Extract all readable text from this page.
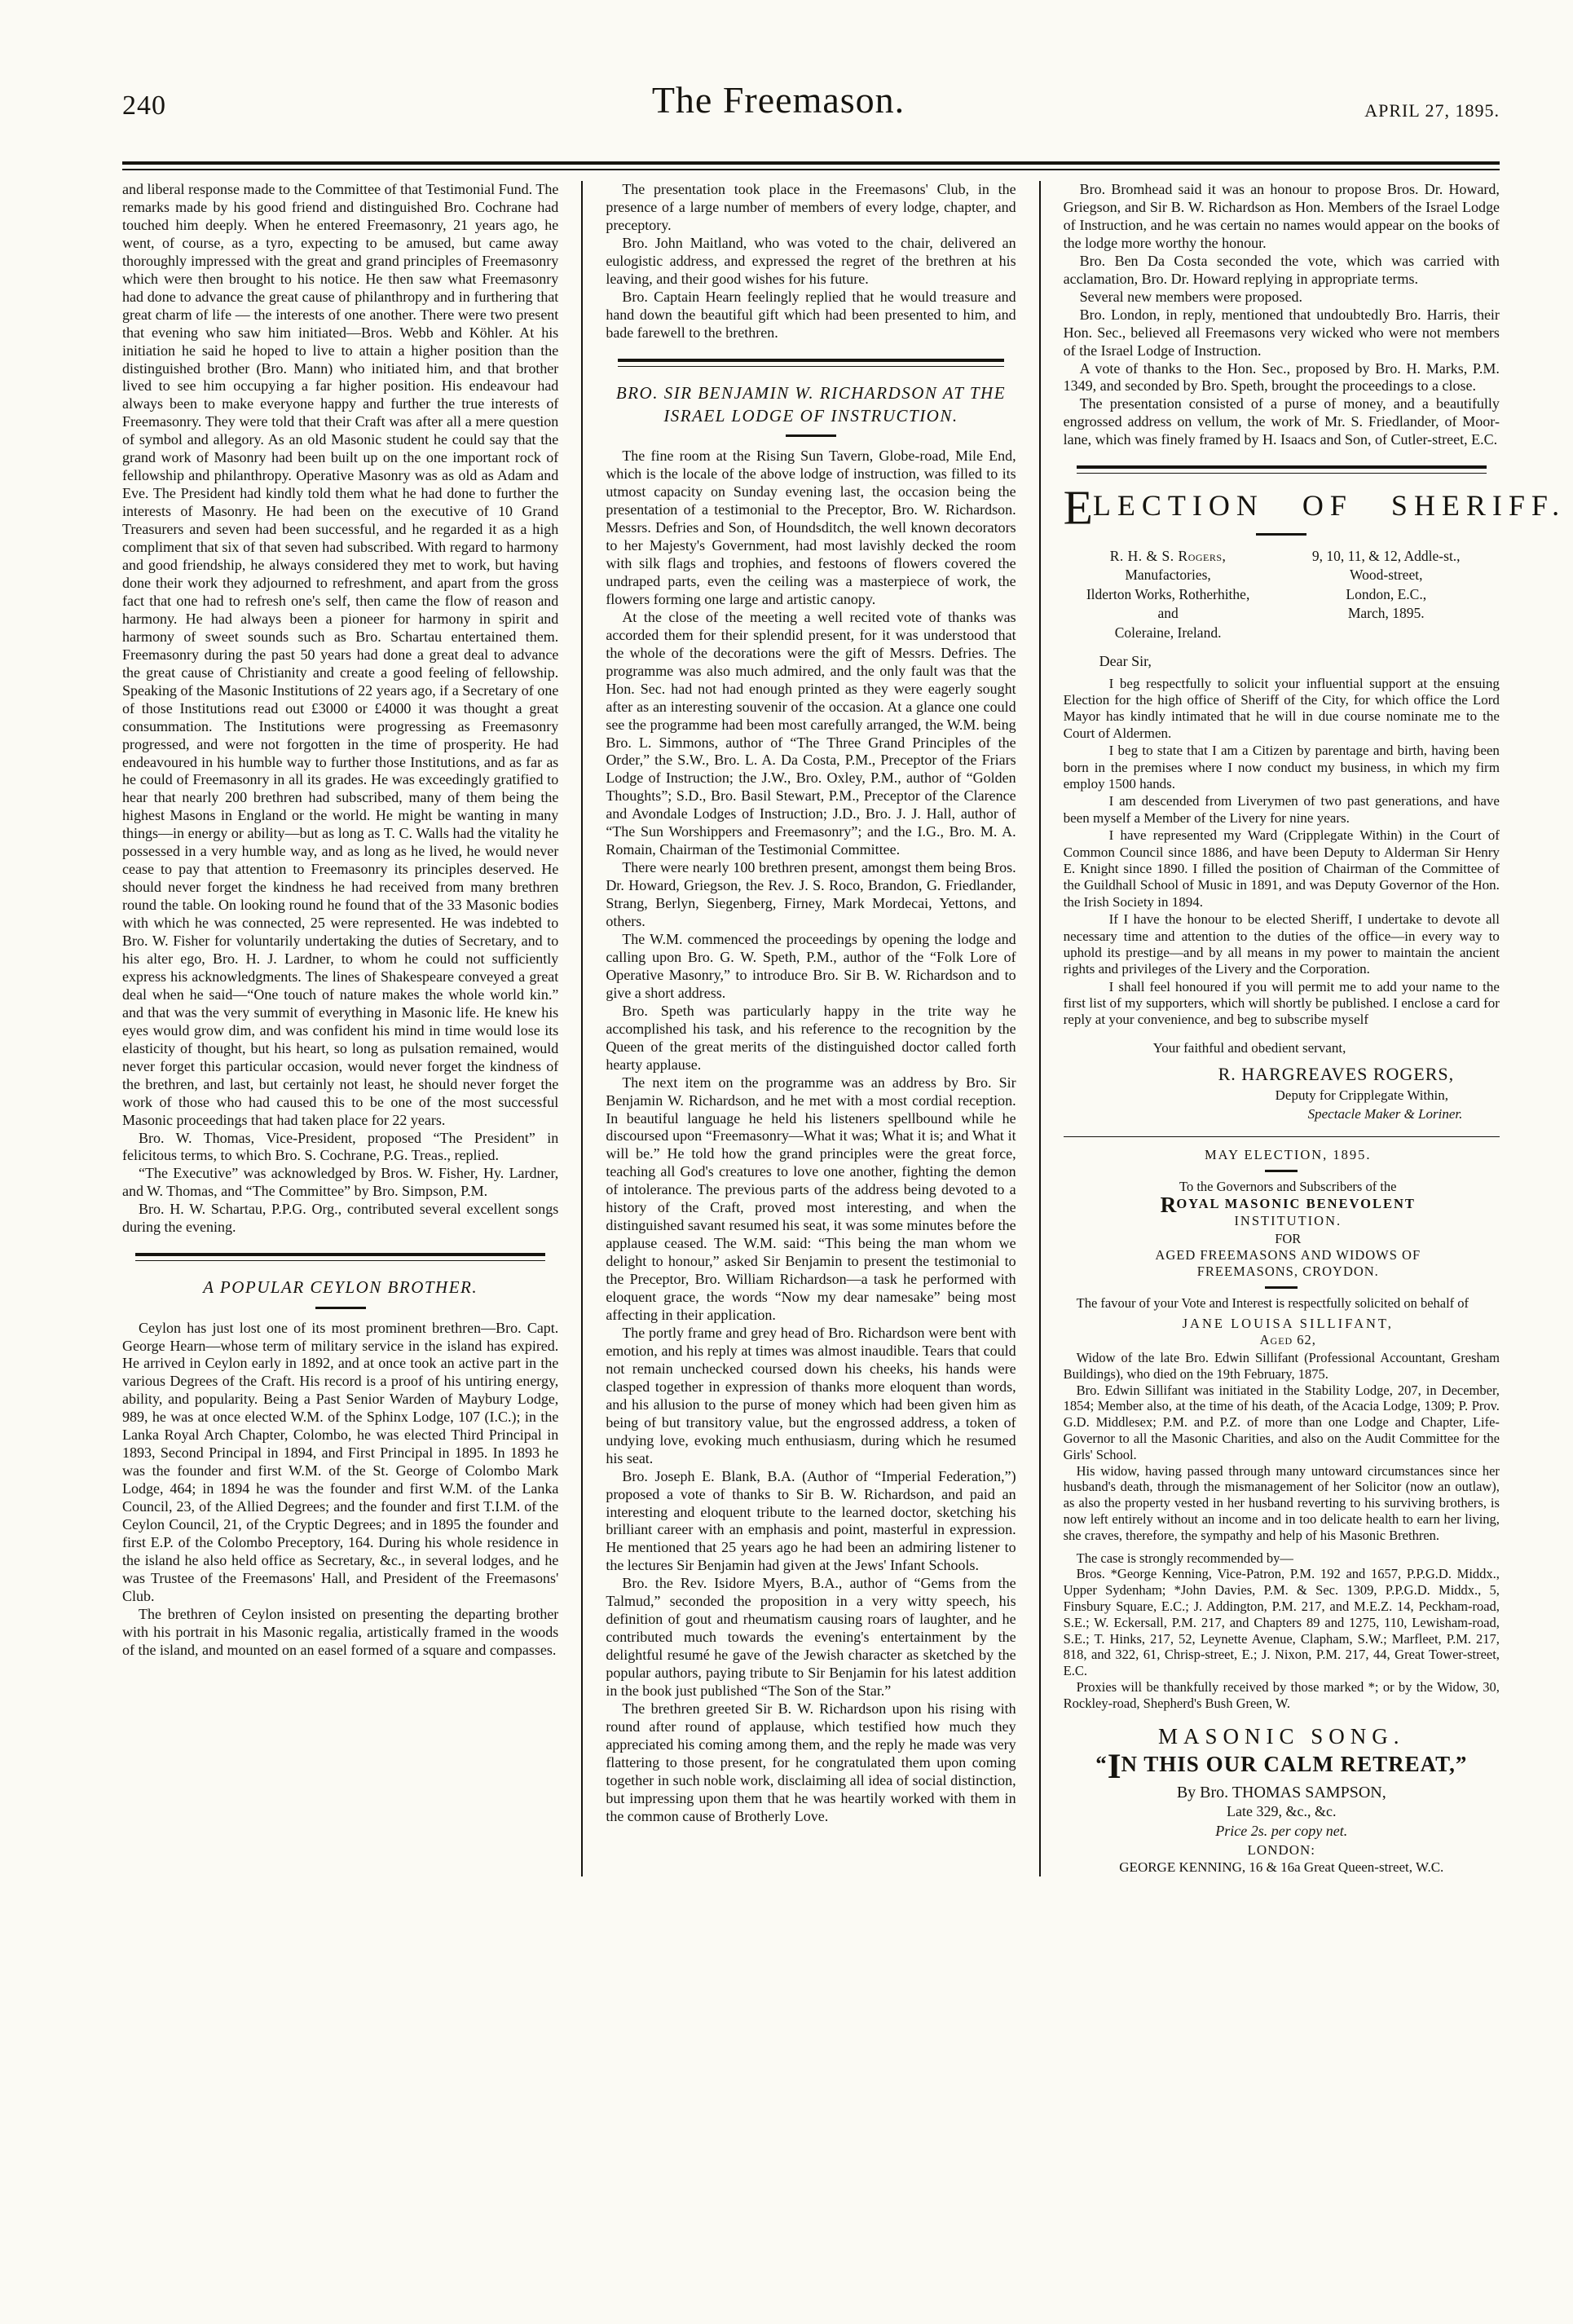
240	The Freemason.	APRIL 27, 1895.

and liberal response made to the Committee of that Testimonial Fund. The remarks made by his good friend and distinguished Bro. Cochrane had touched him deeply. When he entered Freemasonry, 21 years ago, he went, of course, as a tyro, expecting to be amused, but came away thoroughly impressed with the great and grand principles of Freemasonry which were then brought to his notice. He then saw what Freemasonry had done to advance the great cause of philanthropy and in furthering that great charm of life — the interests of one another. There were two present that evening who saw him initiated—Bros. Webb and Köhler. At his initiation he said he hoped to live to attain a higher position than the distinguished brother (Bro. Mann) who initiated him, and that brother lived to see him occupying a far higher position. His endeavour had always been to make everyone happy and further the true interests of Freemasonry. They were told that their Craft was after all a mere question of symbol and allegory. As an old Masonic student he could say that the grand work of Masonry had been built up on the one important rock of fellowship and philanthropy. Operative Masonry was as old as Adam and Eve. The President had kindly told them what he had done to further the interests of Masonry. He had been on the executive of 10 Grand Treasurers and seven had been successful, and he regarded it as a high compliment that six of that seven had subscribed. With regard to harmony and good friendship, he always considered they met to work, but having done their work they adjourned to refreshment, and apart from the gross fact that one had to refresh one's self, then came the flow of reason and harmony. He had always been a pioneer for harmony in spirit and harmony of sweet sounds such as Bro. Schartau entertained them. Freemasonry during the past 50 years had done a great deal to advance the great cause of Christianity and create a good feeling of fellowship. Speaking of the Masonic Institutions of 22 years ago, if a Secretary of one of those Institutions read out £3000 or £4000 it was thought a great consummation. The Institutions were progressing as Freemasonry progressed, and were not forgotten in the time of prosperity. He had endeavoured in his humble way to further those Institutions, and as far as he could of Freemasonry in all its grades. He was exceedingly gratified to hear that nearly 200 brethren had subscribed, many of them being the highest Masons in England or the world. He might be wanting in many things—in energy or ability—but as long as T. C. Walls had the vitality he possessed in a very humble way, and as long as he lived, he would never cease to pay that attention to Freemasonry its principles deserved. He should never forget the kindness he had received from many brethren round the table. On looking round he found that of the 33 Masonic bodies with which he was connected, 25 were represented. He was indebted to Bro. W. Fisher for voluntarily undertaking the duties of Secretary, and to his alter ego, Bro. H. J. Lardner, to whom he could not sufficiently express his acknowledgments. The lines of Shakespeare conveyed a great deal when he said—“One touch of nature makes the whole world kin.” and that was the very summit of everything in Masonic life. He knew his eyes would grow dim, and was confident his mind in time would lose its elasticity of thought, but his heart, so long as pulsation remained, would never forget this particular occasion, would never forget the kindness of the brethren, and last, but certainly not least, he should never forget the work of those who had caused this to be one of the most successful Masonic proceedings that had taken place for 22 years.

Bro. W. Thomas, Vice-President, proposed “The President” in felicitous terms, to which Bro. S. Cochrane, P.G. Treas., replied.

“The Executive” was acknowledged by Bros. W. Fisher, Hy. Lardner, and W. Thomas, and “The Committee” by Bro. Simpson, P.M.

Bro. H. W. Schartau, P.P.G. Org., contributed several excellent songs during the evening.

A POPULAR CEYLON BROTHER.

Ceylon has just lost one of its most prominent brethren—Bro. Capt. George Hearn—whose term of military service in the island has expired. He arrived in Ceylon early in 1892, and at once took an active part in the various Degrees of the Craft. His record is a proof of his untiring energy, ability, and popularity. Being a Past Senior Warden of Maybury Lodge, 989, he was at once elected W.M. of the Sphinx Lodge, 107 (I.C.); in the Lanka Royal Arch Chapter, Colombo, he was elected Third Principal in 1893, Second Principal in 1894, and First Principal in 1895. In 1893 he was the founder and first W.M. of the St. George of Colombo Mark Lodge, 464; in 1894 he was the founder and first W.M. of the Lanka Council, 23, of the Allied Degrees; and the founder and first T.I.M. of the Ceylon Council, 21, of the Cryptic Degrees; and in 1895 the founder and first E.P. of the Colombo Preceptory, 164. During his whole residence in the island he also held office as Secretary, &c., in several lodges, and he was Trustee of the Freemasons' Hall, and President of the Freemasons' Club.

The brethren of Ceylon insisted on presenting the departing brother with his portrait in his Masonic regalia, artistically framed in the woods of the island, and mounted on an easel formed of a square and compasses.

The presentation took place in the Freemasons' Club, in the presence of a large number of members of every lodge, chapter, and preceptory.

Bro. John Maitland, who was voted to the chair, delivered an eulogistic address, and expressed the regret of the brethren at his leaving, and their good wishes for his future.

Bro. Captain Hearn feelingly replied that he would treasure and hand down the beautiful gift which had been presented to him, and bade farewell to the brethren.

BRO. SIR BENJAMIN W. RICHARDSON AT THE
ISRAEL LODGE OF INSTRUCTION.

The fine room at the Rising Sun Tavern, Globe-road, Mile End, which is the locale of the above lodge of instruction, was filled to its utmost capacity on Sunday evening last, the occasion being the presentation of a testimonial to the Preceptor, Bro. W. Richardson. Messrs. Defries and Son, of Houndsditch, the well known decorators to her Majesty's Government, had most lavishly decked the room with silk flags and trophies, and festoons of flowers covered the undraped parts, even the ceiling was a masterpiece of work, the flowers forming one large and artistic canopy.

At the close of the meeting a well recited vote of thanks was accorded them for their splendid present, for it was understood that the whole of the decorations were the gift of Messrs. Defries. The programme was also much admired, and the only fault was that the Hon. Sec. had not had enough printed as they were eagerly sought after as an interesting souvenir of the occasion. At a glance one could see the programme had been most carefully arranged, the W.M. being Bro. L. Simmons, author of “The Three Grand Principles of the Order,” the S.W., Bro. L. A. Da Costa, P.M., Preceptor of the Friars Lodge of Instruction; the J.W., Bro. Oxley, P.M., author of “Golden Thoughts”; S.D., Bro. Basil Stewart, P.M., Preceptor of the Clarence and Avondale Lodges of Instruction; J.D., Bro. J. J. Hall, author of “The Sun Worshippers and Freemasonry”; and the I.G., Bro. M. A. Romain, Chairman of the Testimonial Committee.

There were nearly 100 brethren present, amongst them being Bros. Dr. Howard, Griegson, the Rev. J. S. Roco, Brandon, G. Friedlander, Strang, Berlyn, Siegenberg, Firney, Mark Mordecai, Yettons, and others.

The W.M. commenced the proceedings by opening the lodge and calling upon Bro. G. W. Speth, P.M., author of the “Folk Lore of Operative Masonry,” to introduce Bro. Sir B. W. Richardson and to give a short address.

Bro. Speth was particularly happy in the trite way he accomplished his task, and his reference to the recognition by the Queen of the great merits of the distinguished doctor called forth hearty applause.

The next item on the programme was an address by Bro. Sir Benjamin W. Richardson, and he met with a most cordial reception. In beautiful language he held his listeners spellbound while he discoursed upon “Freemasonry—What it was; What it is; and What it will be.” He told how the grand principles were the great force, teaching all God's creatures to love one another, fighting the demon of intolerance. The previous parts of the address being devoted to a history of the Craft, proved most interesting, and when the distinguished savant resumed his seat, it was some minutes before the applause ceased. The W.M. said: “This being the man whom we delight to honour,” asked Sir Benjamin to present the testimonial to the Preceptor, Bro. William Richardson—a task he performed with eloquent grace, the words “Now my dear namesake” being most affecting in their application.

The portly frame and grey head of Bro. Richardson were bent with emotion, and his reply at times was almost inaudible. Tears that could not remain unchecked coursed down his cheeks, his hands were clasped together in expression of thanks more eloquent than words, and his allusion to the purse of money which had been given him as being of but transitory value, but the engrossed address, a token of undying love, evoking much enthusiasm, during which he resumed his seat.

Bro. Joseph E. Blank, B.A. (Author of “Imperial Federation,”) proposed a vote of thanks to Sir B. W. Richardson, and paid an interesting and eloquent tribute to the learned doctor, sketching his brilliant career with an emphasis and point, masterful in expression. He mentioned that 25 years ago he had been an admiring listener to the lectures Sir Benjamin had given at the Jews' Infant Schools.

Bro. the Rev. Isidore Myers, B.A., author of “Gems from the Talmud,” seconded the proposition in a very witty speech, his definition of gout and rheumatism causing roars of laughter, and he contributed much towards the evening's entertainment by the delightful resumé he gave of the Jewish character as sketched by the popular authors, paying tribute to Sir Benjamin for his latest addition in the book just published “The Son of the Star.”

The brethren greeted Sir B. W. Richardson upon his rising with round after round of applause, which testified how much they appreciated his coming among them, and the reply he made was very flattering to those present, for he congratulated them upon coming together in such noble work, disclaiming all idea of social distinction, but impressing upon them that he was heartily worked with them in the common cause of Brotherly Love.

Bro. Bromhead said it was an honour to propose Bros. Dr. Howard, Griegson, and Sir B. W. Richardson as Hon. Members of the Israel Lodge of Instruction, and he was certain no names would appear on the books of the lodge more worthy the honour.

Bro. Ben Da Costa seconded the vote, which was carried with acclamation, Bro. Dr. Howard replying in appropriate terms.

Several new members were proposed.

Bro. London, in reply, mentioned that undoubtedly Bro. Harris, their Hon. Sec., believed all Freemasons very wicked who were not members of the Israel Lodge of Instruction.

A vote of thanks to the Hon. Sec., proposed by Bro. H. Marks, P.M. 1349, and seconded by Bro. Speth, brought the proceedings to a close.

The presentation consisted of a purse of money, and a beautifully engrossed address on vellum, the work of Mr. S. Friedlander, of Moor-lane, which was finely framed by H. Isaacs and Son, of Cutler-street, E.C.

ELECTION OF SHERIFF.
R. H. & S. Rogers,
Manufactories,
Ilderton Works, Rotherhithe,
and
Coleraine, Ireland.
9, 10, 11, & 12, Addle-st.,
Wood-street,
London, E.C.,
March, 1895.

Dear Sir,

I beg respectfully to solicit your influential support at the ensuing Election for the high office of Sheriff of the City, for which office the Lord Mayor has kindly intimated that he will in due course nominate me to the Court of Aldermen.

I beg to state that I am a Citizen by parentage and birth, having been born in the premises where I now conduct my business, in which my firm employ 1500 hands.

I am descended from Liverymen of two past generations, and have been myself a Member of the Livery for nine years.

I have represented my Ward (Cripplegate Within) in the Court of Common Council since 1886, and have been Deputy to Alderman Sir Henry E. Knight since 1890. I filled the position of Chairman of the Committee of the Guildhall School of Music in 1891, and was Deputy Governor of the Hon. the Irish Society in 1894.

If I have the honour to be elected Sheriff, I undertake to devote all necessary time and attention to the duties of the office—in every way to uphold its prestige—and by all means in my power to maintain the ancient rights and privileges of the Livery and the Corporation.

I shall feel honoured if you will permit me to add your name to the first list of my supporters, which will shortly be published. I enclose a card for reply at your convenience, and beg to subscribe myself

Your faithful and obedient servant,

R. HARGREAVES ROGERS,

Deputy for Cripplegate Within,

Spectacle Maker & Loriner.

MAY ELECTION, 1895.

To the Governors and Subscribers of the

ROYAL MASONIC BENEVOLENT

INSTITUTION.

FOR

AGED FREEMASONS AND WIDOWS OF

FREEMASONS, CROYDON.

The favour of your Vote and Interest is respectfully solicited on behalf of

JANE LOUISA SILLIFANT,

Aged 62,

Widow of the late Bro. Edwin Sillifant (Professional Accountant, Gresham Buildings), who died on the 19th February, 1875.

Bro. Edwin Sillifant was initiated in the Stability Lodge, 207, in December, 1854; Member also, at the time of his death, of the Acacia Lodge, 1309; P. Prov. G.D. Middlesex; P.M. and P.Z. of more than one Lodge and Chapter, Life-Governor to all the Masonic Charities, and also on the Audit Committee for the Girls' School.

His widow, having passed through many untoward circumstances since her husband's death, through the mismanagement of her Solicitor (now an outlaw), as also the property vested in her husband reverting to his surviving brothers, is now left entirely without an income and in too delicate health to earn her living, she craves, therefore, the sympathy and help of his Masonic Brethren.

The case is strongly recommended by—

Bros. *George Kenning, Vice-Patron, P.M. 192 and 1657, P.P.G.D. Middx., Upper Sydenham; *John Davies, P.M. & Sec. 1309, P.P.G.D. Middx., 5, Finsbury Square, E.C.; J. Addington, P.M. 217, and M.E.Z. 14, Peckham-road, S.E.; W. Eckersall, P.M. 217, and Chapters 89 and 1275, 110, Lewisham-road, S.E.; T. Hinks, 217, 52, Leynette Avenue, Clapham, S.W.; Marfleet, P.M. 217, 818, and 322, 61, Chrisp-street, E.; J. Nixon, P.M. 217, 44, Great Tower-street, E.C.

Proxies will be thankfully received by those marked *; or by the Widow, 30, Rockley-road, Shepherd's Bush Green, W.

MASONIC SONG.

“IN THIS OUR CALM RETREAT,”

By Bro. THOMAS SAMPSON,

Late 329, &c., &c.

Price 2s. per copy net.

LONDON:

GEORGE KENNING, 16 & 16a Great Queen-street, W.C.
